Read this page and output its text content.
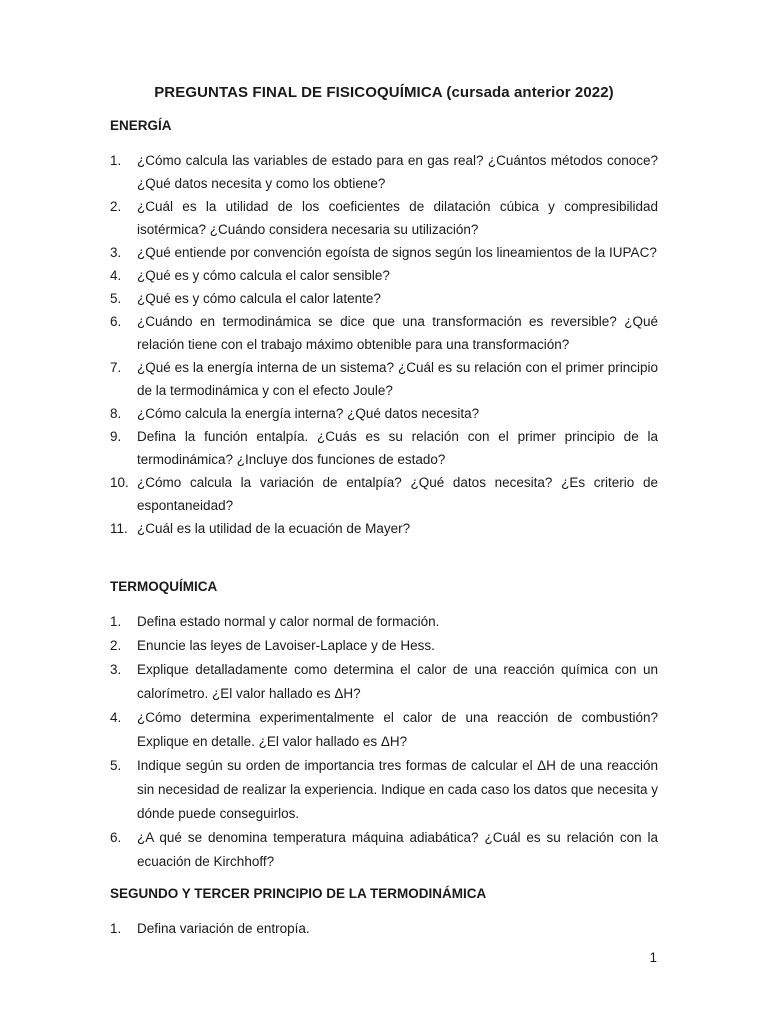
PREGUNTAS FINAL DE FISICOQUÍMICA (cursada anterior 2022)
ENERGÍA
1. ¿Cómo calcula las variables de estado para en gas real? ¿Cuántos métodos conoce? ¿Qué datos necesita y como los obtiene?
2. ¿Cuál es la utilidad de los coeficientes de dilatación cúbica y compresibilidad isotérmica? ¿Cuándo considera necesaria su utilización?
3. ¿Qué entiende por convención egoísta de signos según los lineamientos de la IUPAC?
4. ¿Qué es y cómo calcula el calor sensible?
5. ¿Qué es y cómo calcula el calor latente?
6. ¿Cuándo en termodinámica se dice que una transformación es reversible? ¿Qué relación tiene con el trabajo máximo obtenible para una transformación?
7. ¿Qué es la energía interna de un sistema? ¿Cuál es su relación con el primer principio de la termodinámica y con el efecto Joule?
8. ¿Cómo calcula la energía interna? ¿Qué datos necesita?
9. Defina la función entalpía. ¿Cuás es su relación con el primer principio de la termodinámica? ¿Incluye dos funciones de estado?
10. ¿Cómo calcula la variación de entalpía? ¿Qué datos necesita? ¿Es criterio de espontaneidad?
11. ¿Cuál es la utilidad de la ecuación de Mayer?
TERMOQUÍMICA
1. Defina estado normal y calor normal de formación.
2. Enuncie las leyes de Lavoiser-Laplace y de Hess.
3. Explique detalladamente como determina el calor de una reacción química con un calorímetro. ¿El valor hallado es ΔH?
4. ¿Cómo determina experimentalmente el calor de una reacción de combustión? Explique en detalle. ¿El valor hallado es ΔH?
5. Indique según su orden de importancia tres formas de calcular el ΔH de una reacción sin necesidad de realizar la experiencia. Indique en cada caso los datos que necesita y dónde puede conseguirlos.
6. ¿A qué se denomina temperatura máquina adiabática? ¿Cuál es su relación con la ecuación de Kirchhoff?
SEGUNDO Y TERCER PRINCIPIO DE LA TERMODINÁMICA
1. Defina variación de entropía.
1
